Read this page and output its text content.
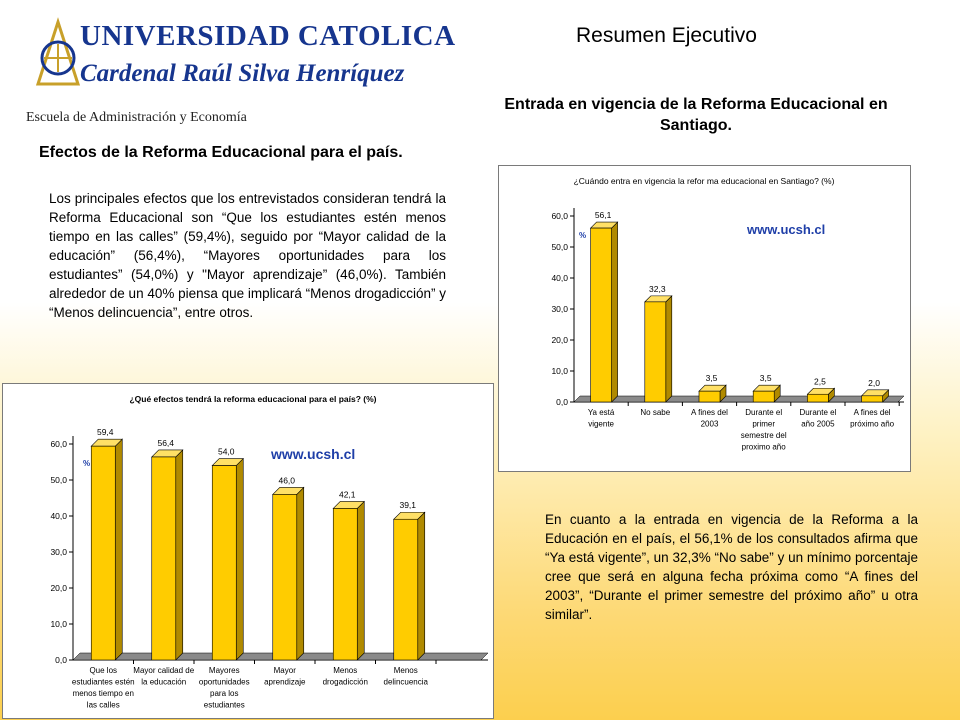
UNIVERSIDAD CATOLICA
Cardenal Raúl Silva Henríquez
Escuela de Administración y Economía
Resumen Ejecutivo
Efectos de la Reforma Educacional para el país.
Los principales efectos que los entrevistados consideran tendrá la Reforma Educacional son “Que los estudiantes estén menos tiempo en las calles” (59,4%), seguido por “Mayor calidad de la educación” (56,4%), “Mayores oportunidades para los estudiantes” (54,0%) y "Mayor aprendizaje” (46,0%). También alrededor de un 40% piensa que implicará “Menos drogadicción” y “Menos delincuencia”, entre otros.
Entrada en vigencia de la Reforma Educacional en Santiago.
En cuanto a la entrada en vigencia de la Reforma a la Educación en el país, el 56,1% de los consultados afirma que “Ya está vigente”, un 32,3% “No sabe” y un mínimo porcentaje cree que será en alguna fecha próxima como “A fines del 2003”, “Durante el primer semestre del próximo año” u otra similar”.
¿Cuándo entra en vigencia la refor ma educacional en Santiago? (%)
www.ucsh.cl
%
0,0
10,0
20,0
30,0
40,0
50,0
60,0	56,1
Ya está vigente
32,3
No sabe
3,5
A fines del 2003
3,5
Durante el primer semestre del proximo año
2,5
Durante el año 2005
2,0
A fines del próximo año
¿Qué efectos tendrá la reforma educacional para el país? (%)
www.ucsh.cl
%
0,0
10,0
20,0
30,0
40,0
50,0
60,0
59,4
Que los estudiantes estén menos tiempo en las calles
56,4
Mayor calidad de la educación
54,0
Mayores oportunidades para los estudiantes
46,0
Mayor aprendizaje
42,1
Menos drogadicción
39,1
Menos delincuencia
